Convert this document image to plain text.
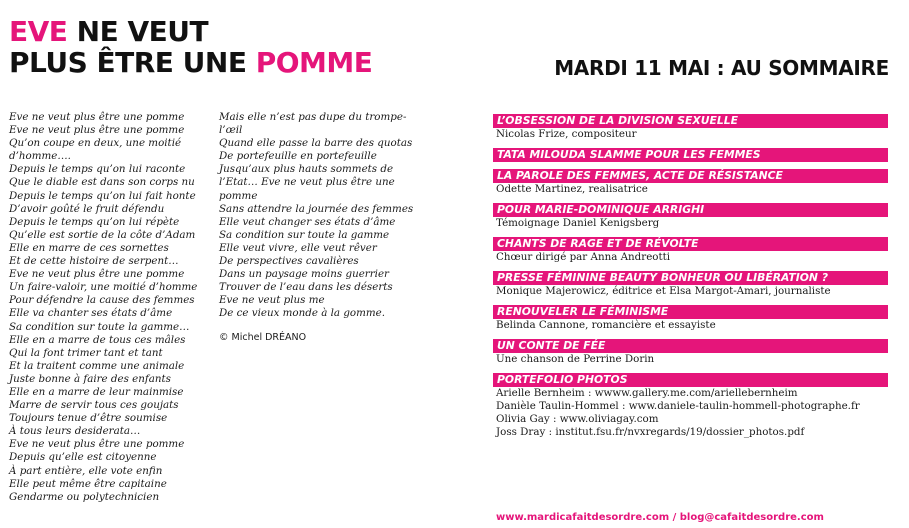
EVE NE VEUT
PLUS ÊTRE UNE POMME	MARDI 11 MAI : AU SOMMAIRE
Eve ne veut plus être une pomme
Eve ne veut plus être une pomme
Qu’on coupe en deux, une moitié
d’homme….
Depuis le temps qu’on lui raconte
Que le diable est dans son corps nu
Depuis le temps qu’on lui fait honte
D’avoir goûté le fruit défendu
Depuis le temps qu’on lui répète
Qu’elle est sortie de la côte d’Adam
Elle en marre de ces sornettes
Et de cette histoire de serpent…
Eve ne veut plus être une pomme
Un faire-valoir, une moitié d’homme
Pour défendre la cause des femmes
Elle va chanter ses états d’âme
Sa condition sur toute la gamme…
Elle en a marre de tous ces mâles
Qui la font trimer tant et tant
Et la traitent comme une animale
Juste bonne à faire des enfants
Elle en a marre de leur mainmise
Marre de servir tous ces goujats
Toujours tenue d’être soumise
À tous leurs desiderata…
Eve ne veut plus être une pomme
Depuis qu’elle est citoyenne
À part entière, elle vote enfin
Elle peut même être capitaine
Gendarme ou polytechnicien
Mais elle n’est pas dupe du trompe-
l’œil
Quand elle passe la barre des quotas
De portefeuille en portefeuille
Jusqu’aux plus hauts sommets de
l’Etat… Eve ne veut plus être une
pomme
Sans attendre la journée des femmes
Elle veut changer ses états d’âme
Sa condition sur toute la gamme
Elle veut vivre, elle veut rêver
De perspectives cavalières
Dans un paysage moins guerrier
Trouver de l’eau dans les déserts
Eve ne veut plus me
De ce vieux monde à la gomme.
© Michel DRÉANO
L’OBSESSION DE LA DIVISION SEXUELLE
Nicolas Frize, compositeur
TATA MILOUDA SLAMME POUR LES FEMMES
LA PAROLE DES FEMMES, ACTE DE RÉSISTANCE
Odette Martinez, realisatrice
POUR MARIE-DOMINIQUE ARRIGHI
Témoignage Daniel Kenigsberg
CHANTS DE RAGE ET DE RÉVOLTE
Chœur dirigé par Anna Andreotti
PRESSE FÉMININE BEAUTY BONHEUR OU LIBÉRATION ?
Monique Majerowicz, éditrice et Elsa Margot-Amari, journaliste
RENOUVELER LE FÉMINISME
Belinda Cannone, romancière et essayiste
UN CONTE DE FÉE
Une chanson de Perrine Dorin
PORTEFOLIO PHOTOS
Arielle Bernheim : wwww.gallery.me.com/ariellebernheim
Danièle Taulin-Hommel : www.daniele-taulin-hommell-photographe.fr
Olivia Gay : www.oliviagay.com
Joss Dray : institut.fsu.fr/nvxregards/19/dossier_photos.pdf
www.mardicafaitdesordre.com / blog@cafaitdesordre.com
